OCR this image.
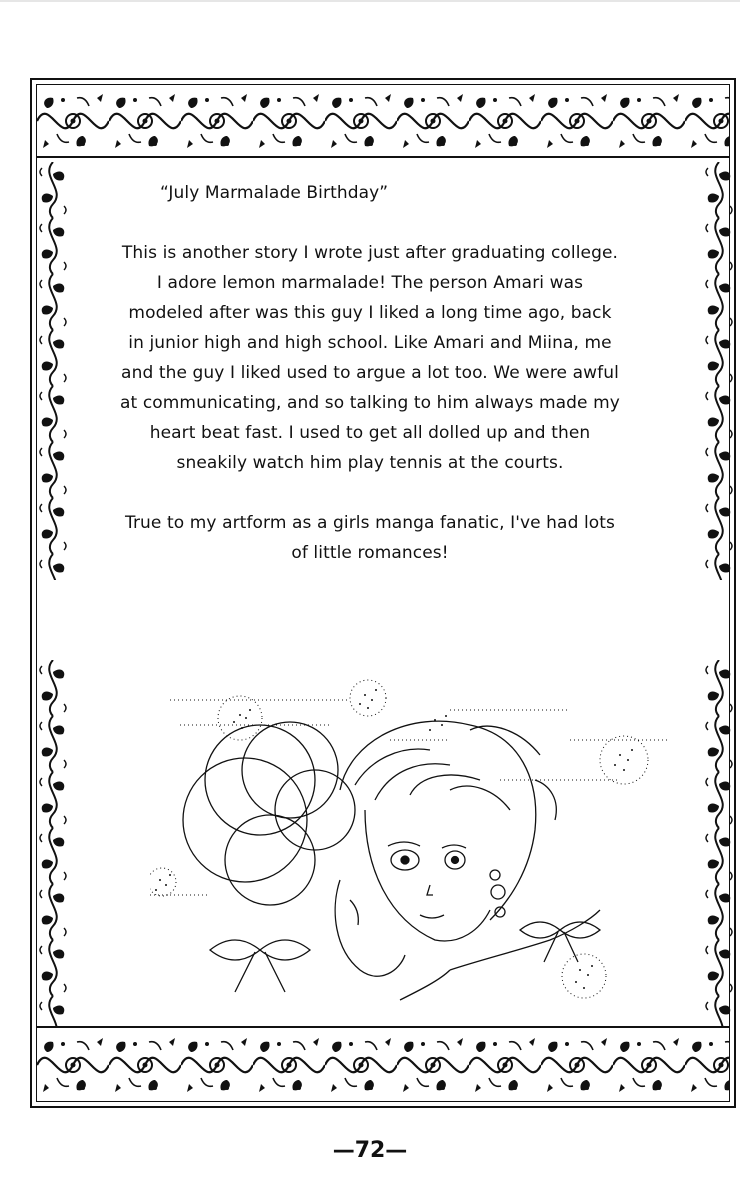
“July Marmalade Birthday”

This is another story I wrote just after graduating college. I adore lemon marmalade! The person Amari was modeled after was this guy I liked a long time ago, back in junior high and high school. Like Amari and Miina, me and the guy I liked used to argue a lot too. We were awful at communicating, and so talking to him always made my heart beat fast. I used to get all dolled up and then sneakily watch him play tennis at the courts.

True to my artform as a girls manga fanatic, I've had lots of little romances!

—72—
